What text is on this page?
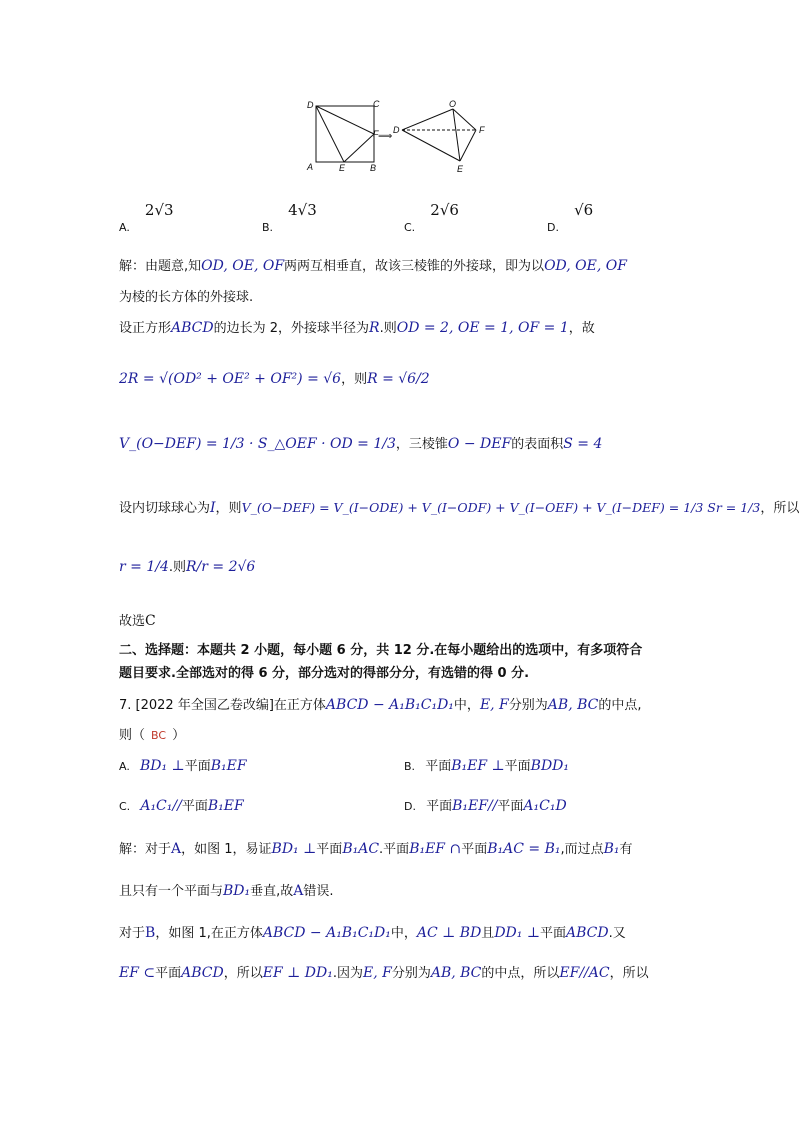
D	C
A	E	B
F ⟹
O
D	F
E
$_{A.}$ 2√3
$_{B.}$ 4√3
$_{C.}$ 2√6
$_{D.}$ √6
解：由题意,知OD, OE, OF两两互相垂直，故该三棱锥的外接球，即为以OD, OE, OF
为棱的长方体的外接球.
设正方形ABCD的边长为 2，外接球半径为R.则OD = 2, OE = 1, OF = 1，故
2R = √(OD² + OE² + OF²) = √6，则R = √6/2
V_(O−DEF) = 1/3 · S_△OEF · OD = 1/3，三棱锥O − DEF的表面积S = 4
设内切球球心为I，则V_(O−DEF) = V_(I−ODE) + V_(I−ODF) + V_(I−OEF) + V_(I−DEF) = 1/3 Sr = 1/3，所以
r = 1/4.则R/r = 2√6
故选C
二、选择题：本题共 2 小题，每小题 6 分，共 12 分.在每小题给出的选项中，有多项符合
题目要求.全部选对的得 6 分，部分选对的得部分分，有选错的得 0 分.
7. [2022 年全国乙卷改编]在正方体ABCD − A₁B₁C₁D₁中，E, F分别为AB, BC的中点,
则（ BC ）
A. BD₁ ⊥平面B₁EF	B. 平面B₁EF ⊥平面BDD₁
C. A₁C₁//平面B₁EF	D. 平面B₁EF//平面A₁C₁D
解：对于A，如图 1，易证BD₁ ⊥平面B₁AC.平面B₁EF ∩平面B₁AC = B₁,而过点B₁有
且只有一个平面与BD₁垂直,故A错误.
对于B，如图 1,在正方体ABCD − A₁B₁C₁D₁中，AC ⊥ BD且DD₁ ⊥平面ABCD.又
EF ⊂平面ABCD，所以EF ⊥ DD₁.因为E, F分别为AB, BC的中点，所以EF//AC，所以
